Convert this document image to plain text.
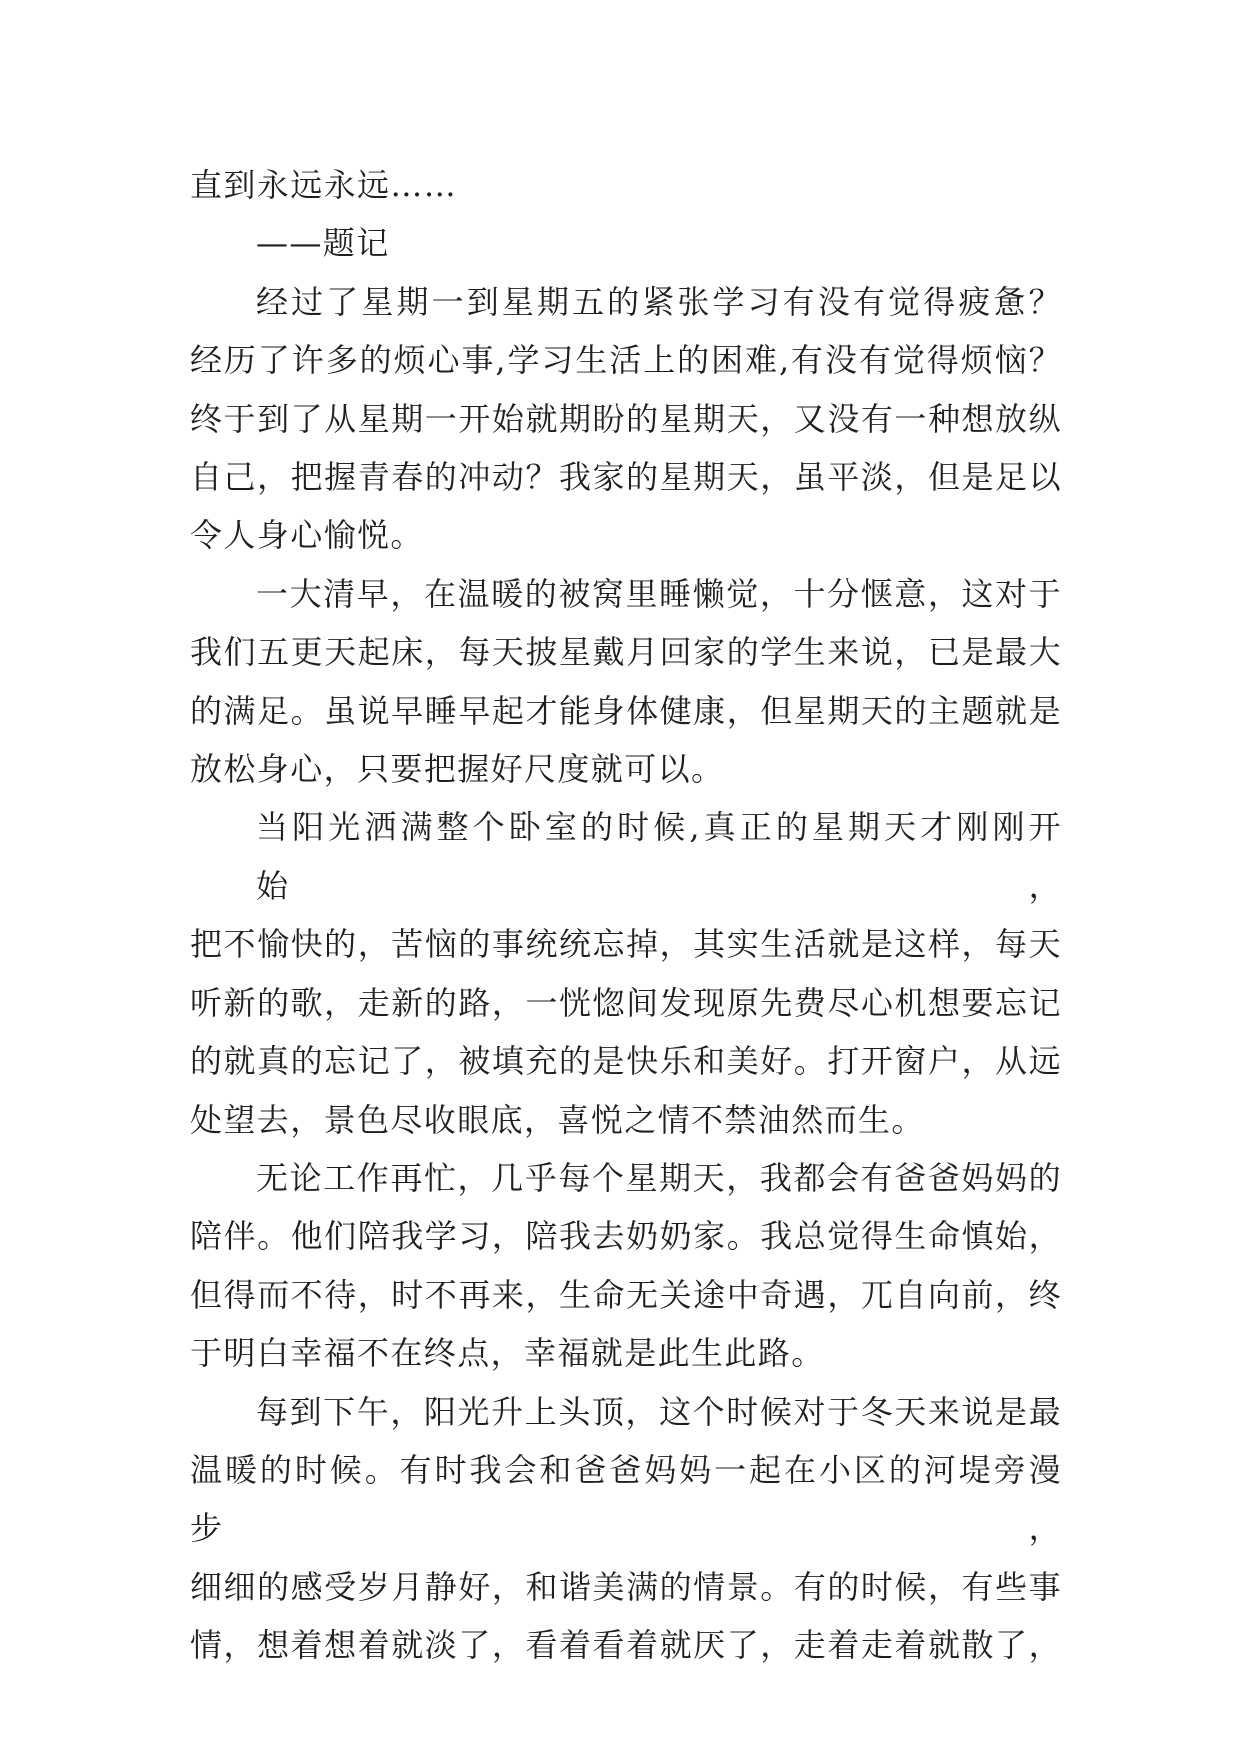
直到永远永远……
——题记
经过了星期一到星期五的紧张学习有没有觉得疲惫？
经历了许多的烦心事,学习生活上的困难,有没有觉得烦恼？
终于到了从星期一开始就期盼的星期天，又没有一种想放纵
自己，把握青春的冲动？我家的星期天，虽平淡，但是足以
令人身心愉悦。
一大清早，在温暖的被窝里睡懒觉，十分惬意，这对于
我们五更天起床，每天披星戴月回家的学生来说，已是最大
的满足。虽说早睡早起才能身体健康，但星期天的主题就是
放松身心，只要把握好尺度就可以。
当阳光洒满整个卧室的时候,真正的星期天才刚刚开始，
把不愉快的，苦恼的事统统忘掉，其实生活就是这样，每天
听新的歌，走新的路，一恍惚间发现原先费尽心机想要忘记
的就真的忘记了，被填充的是快乐和美好。打开窗户，从远
处望去，景色尽收眼底，喜悦之情不禁油然而生。
无论工作再忙，几乎每个星期天，我都会有爸爸妈妈的
陪伴。他们陪我学习，陪我去奶奶家。我总觉得生命慎始，
但得而不待，时不再来，生命无关途中奇遇，兀自向前，终
于明白幸福不在终点，幸福就是此生此路。
每到下午，阳光升上头顶，这个时候对于冬天来说是最
温暖的时候。有时我会和爸爸妈妈一起在小区的河堤旁漫步，
细细的感受岁月静好，和谐美满的情景。有的时候，有些事
情，想着想着就淡了，看着看着就厌了，走着走着就散了，
